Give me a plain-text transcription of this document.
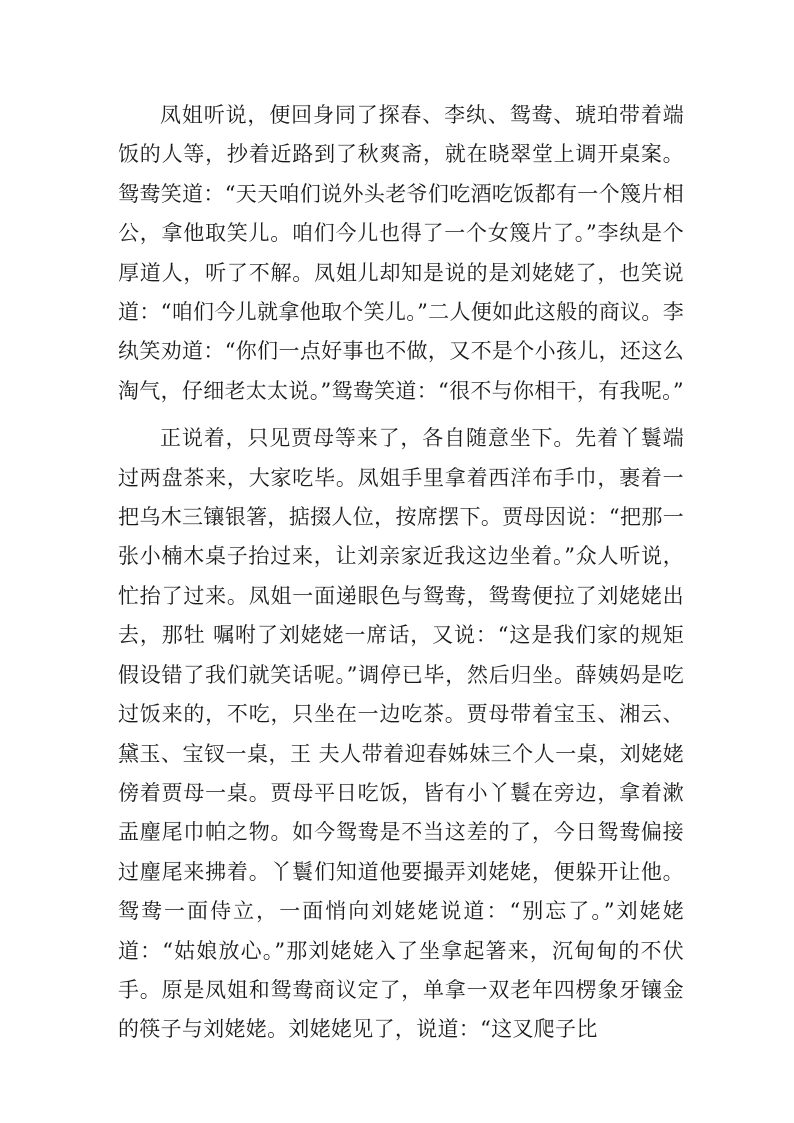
凤姐听说，便回身同了探春、李纨、鸳鸯、琥珀带着端饭的人等，抄着近路到了秋爽斋，就在晓翠堂上调开桌案。鸳鸯笑道：“天天咱们说外头老爷们吃酒吃饭都有一个篾片相公，拿他取笑儿。咱们今儿也得了一个女篾片了。”李纨是个厚道人，听了不解。凤姐儿却知是说的是刘姥姥了，也笑说道：“咱们今儿就拿他取个笑儿。”二人便如此这般的商议。李纨笑劝道：“你们一点好事也不做，又不是个小孩儿，还这么淘气，仔细老太太说。”鸳鸯笑道：“很不与你相干，有我呢。”

正说着，只见贾母等来了，各自随意坐下。先着丫鬟端过两盘茶来，大家吃毕。凤姐手里拿着西洋布手巾，裹着一把乌木三镶银箸，掂掇人位，按席摆下。贾母因说：“把那一张小楠木桌子抬过来，让刘亲家近我这边坐着。”众人听说，忙抬了过来。凤姐一面递眼色与鸳鸯，鸳鸯便拉了刘姥姥出去，那牡 嘱咐了刘姥姥一席话，又说：“这是我们家的规矩 假设错了我们就笑话呢。”调停已毕，然后归坐。薛姨妈是吃 过饭来的，不吃，只坐在一边吃茶。贾母带着宝玉、湘云、黛玉、宝钗一桌，王 夫人带着迎春姊妹三个人一桌，刘姥姥傍着贾母一桌。贾母平日吃饭，皆有小丫鬟在旁边，拿着漱盂麈尾巾帕之物。如今鸳鸯是不当这差的了，今日鸳鸯偏接过麈尾来拂着。丫鬟们知道他要撮弄刘姥姥，便躲开让他。鸳鸯一面侍立，一面悄向刘姥姥说道：“别忘了。”刘姥姥道：“姑娘放心。”那刘姥姥入了坐拿起箸来，沉甸甸的不伏手。原是凤姐和鸳鸯商议定了，单拿一双老年四楞象牙镶金的筷子与刘姥姥。刘姥姥见了，说道：“这叉爬子比
